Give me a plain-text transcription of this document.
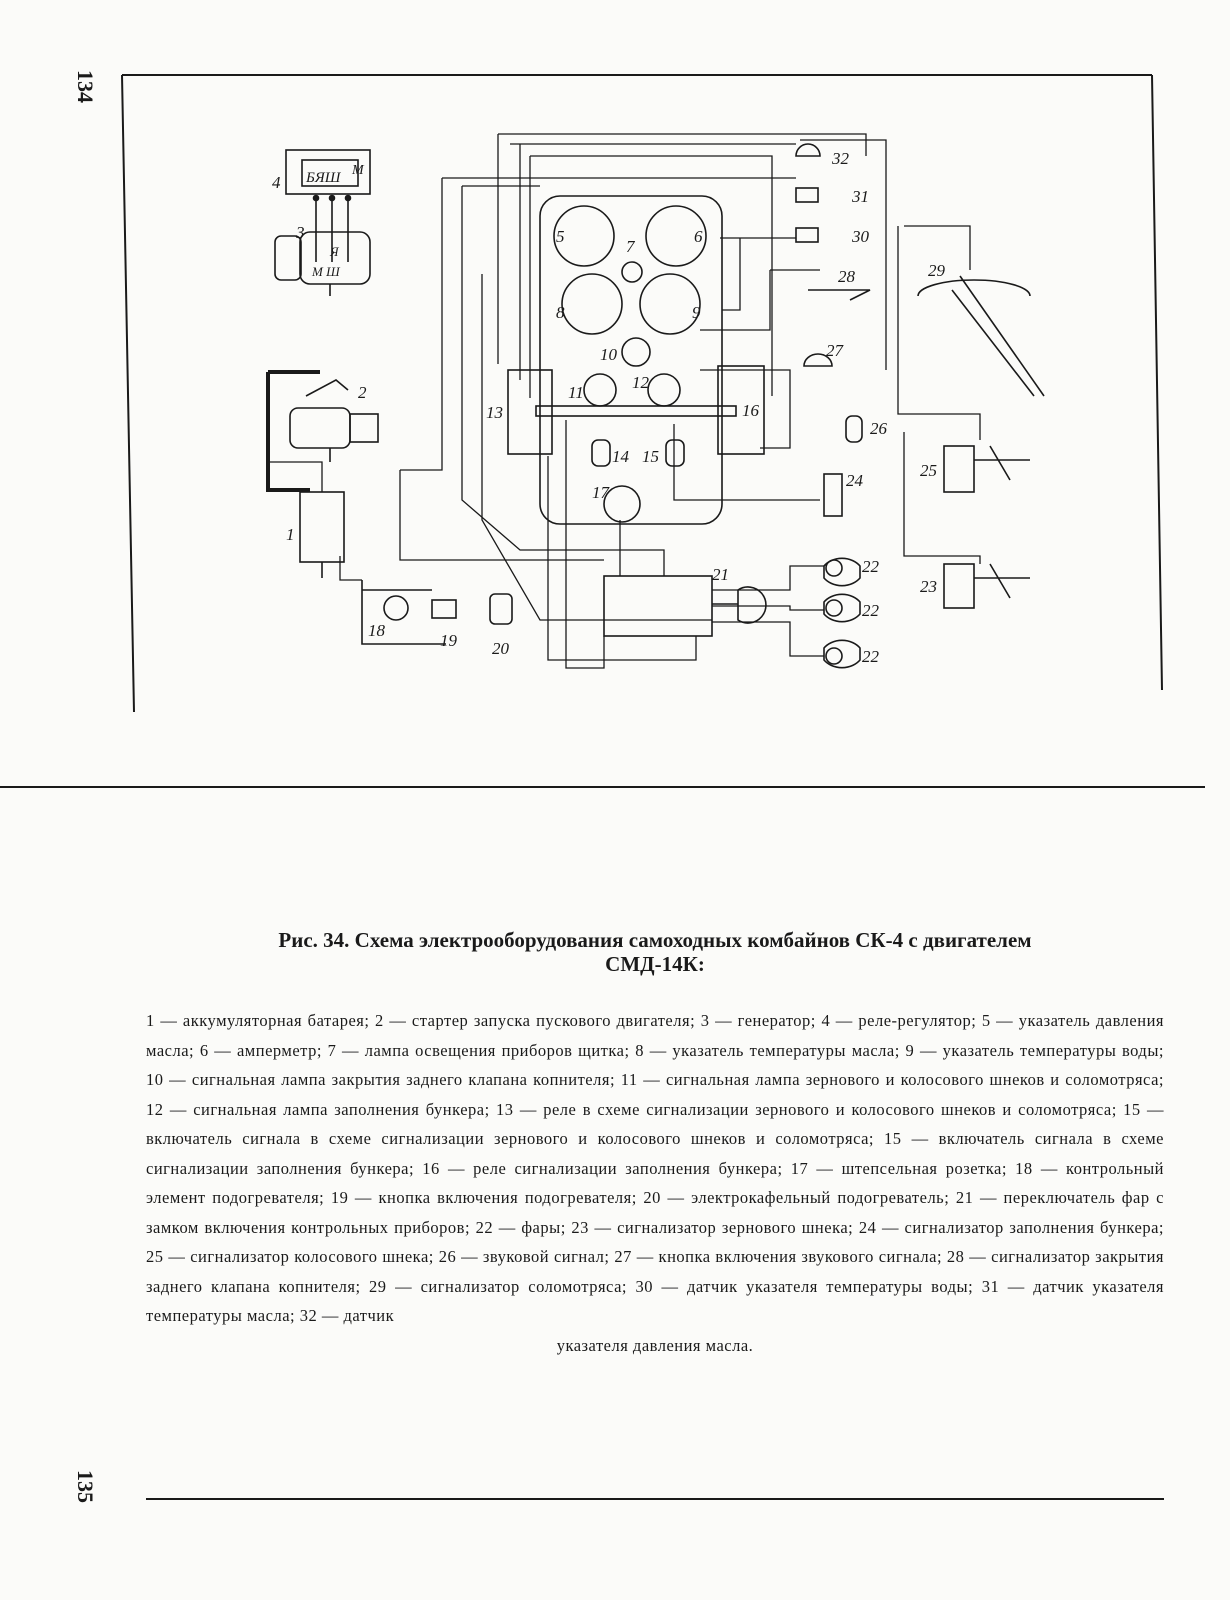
134
135
4 БЯШ М
3
М Ш
Я
2
1
5	6
7
8	9
10
11
12
14 15
17
13	16
32
31
30
28
27
26
24
29
25
23
21	22
22
22
18
19 20
Рис. 34. Схема электрооборудования самоходных комбайнов СК-4 с двигателем
СМД-14К:
1 — аккумуляторная батарея; 2 — стартер запуска пускового двигателя; 3 — генератор; 4 — реле-регулятор; 5 — указатель давления масла; 6 — амперметр; 7 — лампа освещения приборов щитка; 8 — указатель температуры масла; 9 — указатель температуры воды; 10 — сигнальная лампа закрытия заднего клапана копнителя; 11 — сигнальная лампа зернового и колосового шнеков и соломотряса; 12 — сигнальная лампа заполнения бункера; 13 — реле в схеме сигнализации зернового и колосового шнеков и соломотряса; 15 — включатель сигнала в схеме сигнализации зернового и колосового шнеков и соломотряса; 15 — включатель сигнала в схеме сигнализации заполнения бункера; 16 — реле сигнализации заполнения бункера; 17 — штепсельная розетка; 18 — контрольный элемент подогревателя; 19 — кнопка включения подогревателя; 20 — электрокафельный подогреватель; 21 — переключатель фар с замком включения контрольных приборов; 22 — фары; 23 — сигнализатор зернового шнека; 24 — сигнализатор заполнения бункера; 25 — сигнализатор колосового шнека; 26 — звуковой сигнал; 27 — кнопка включения звукового сигнала; 28 — сигнализатор закрытия заднего клапана копнителя; 29 — сигнализатор соломотряса; 30 — датчик указателя температуры воды; 31 — датчик указателя температуры масла; 32 — датчик
указателя давления масла.
